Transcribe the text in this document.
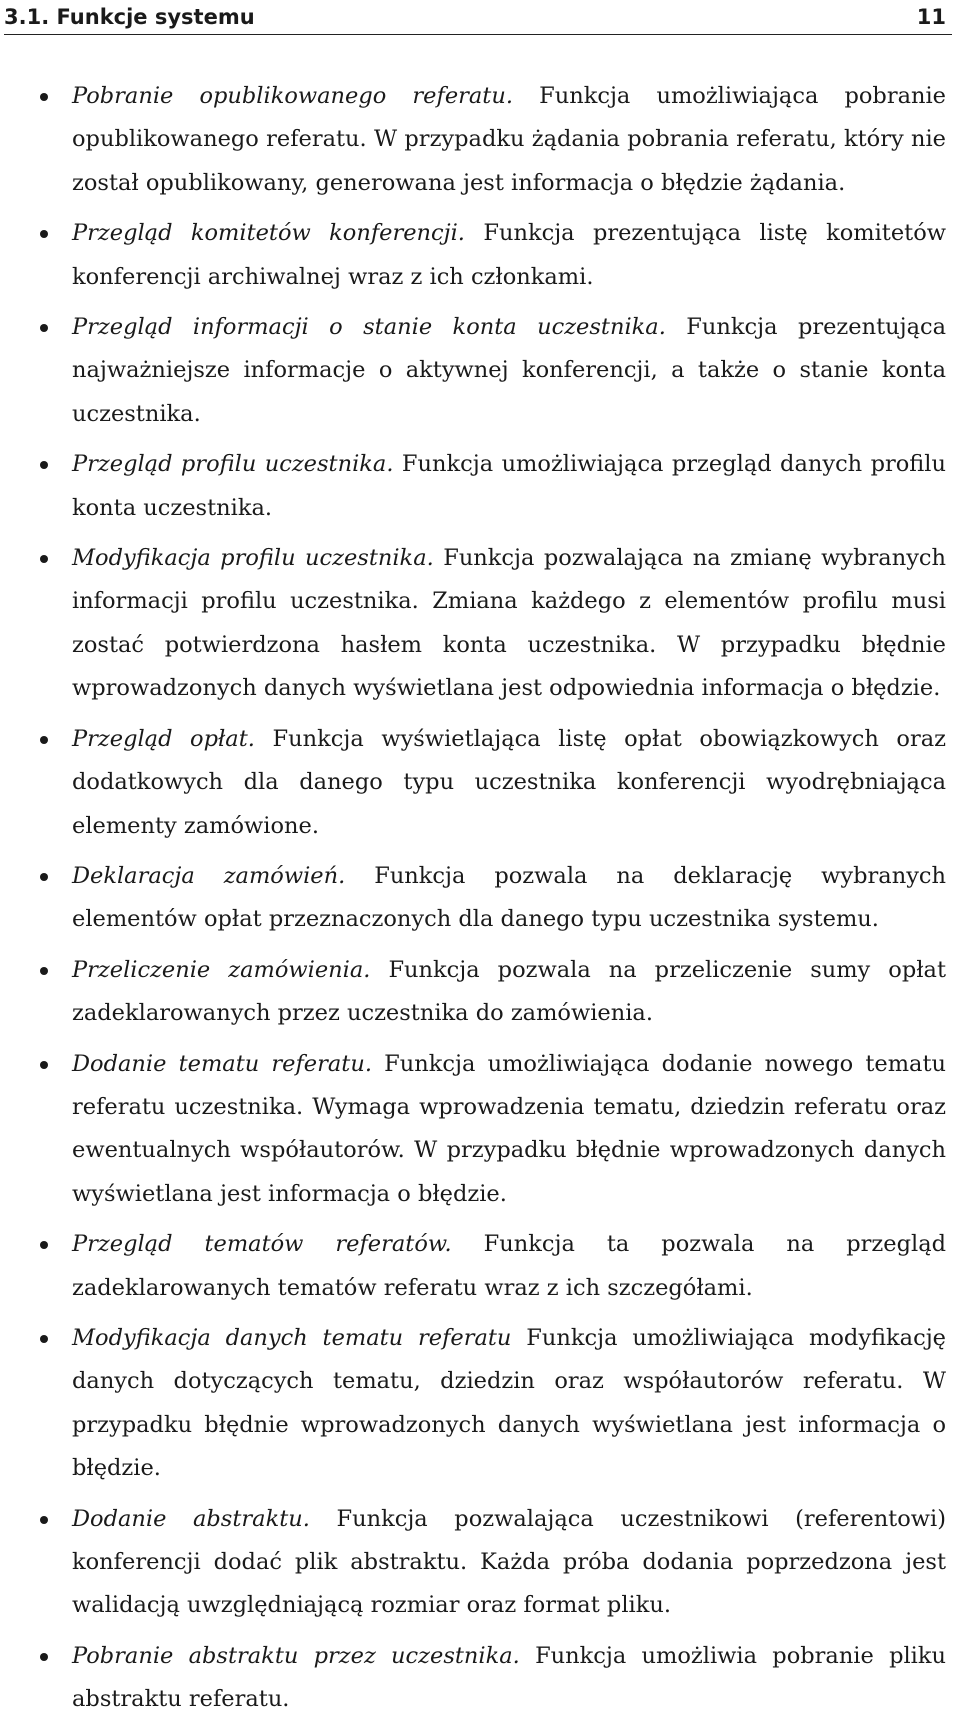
3.1. Funkcje systemu	11
Pobranie opublikowanego referatu. Funkcja umożliwiająca pobranie opublikowanego referatu. W przypadku żądania pobrania referatu, który nie został opublikowany, generowana jest informacja o błędzie żądania.
Przegląd komitetów konferencji. Funkcja prezentująca listę komitetów konferencji archiwalnej wraz z ich członkami.
Przegląd informacji o stanie konta uczestnika. Funkcja prezentująca najważniejsze informacje o aktywnej konferencji, a także o stanie konta uczestnika.
Przegląd profilu uczestnika. Funkcja umożliwiająca przegląd danych profilu konta uczestnika.
Modyfikacja profilu uczestnika. Funkcja pozwalająca na zmianę wybranych informacji profilu uczestnika. Zmiana każdego z elementów profilu musi zostać potwierdzona hasłem konta uczestnika. W przypadku błędnie wprowadzonych danych wyświetlana jest odpowiednia informacja o błędzie.
Przegląd opłat. Funkcja wyświetlająca listę opłat obowiązkowych oraz dodatkowych dla danego typu uczestnika konferencji wyodrębniająca elementy zamówione.
Deklaracja zamówień. Funkcja pozwala na deklarację wybranych elementów opłat przeznaczonych dla danego typu uczestnika systemu.
Przeliczenie zamówienia. Funkcja pozwala na przeliczenie sumy opłat zadeklarowanych przez uczestnika do zamówienia.
Dodanie tematu referatu. Funkcja umożliwiająca dodanie nowego tematu referatu uczestnika. Wymaga wprowadzenia tematu, dziedzin referatu oraz ewentualnych współautorów. W przypadku błędnie wprowadzonych danych wyświetlana jest informacja o błędzie.
Przegląd tematów referatów. Funkcja ta pozwala na przegląd zadeklarowanych tematów referatu wraz z ich szczegółami.
Modyfikacja danych tematu referatu Funkcja umożliwiająca modyfikację danych dotyczących tematu, dziedzin oraz współautorów referatu. W przypadku błędnie wprowadzonych danych wyświetlana jest informacja o błędzie.
Dodanie abstraktu. Funkcja pozwalająca uczestnikowi (referentowi) konferencji dodać plik abstraktu. Każda próba dodania poprzedzona jest walidacją uwzględniającą rozmiar oraz format pliku.
Pobranie abstraktu przez uczestnika. Funkcja umożliwia pobranie pliku abstraktu referatu.
